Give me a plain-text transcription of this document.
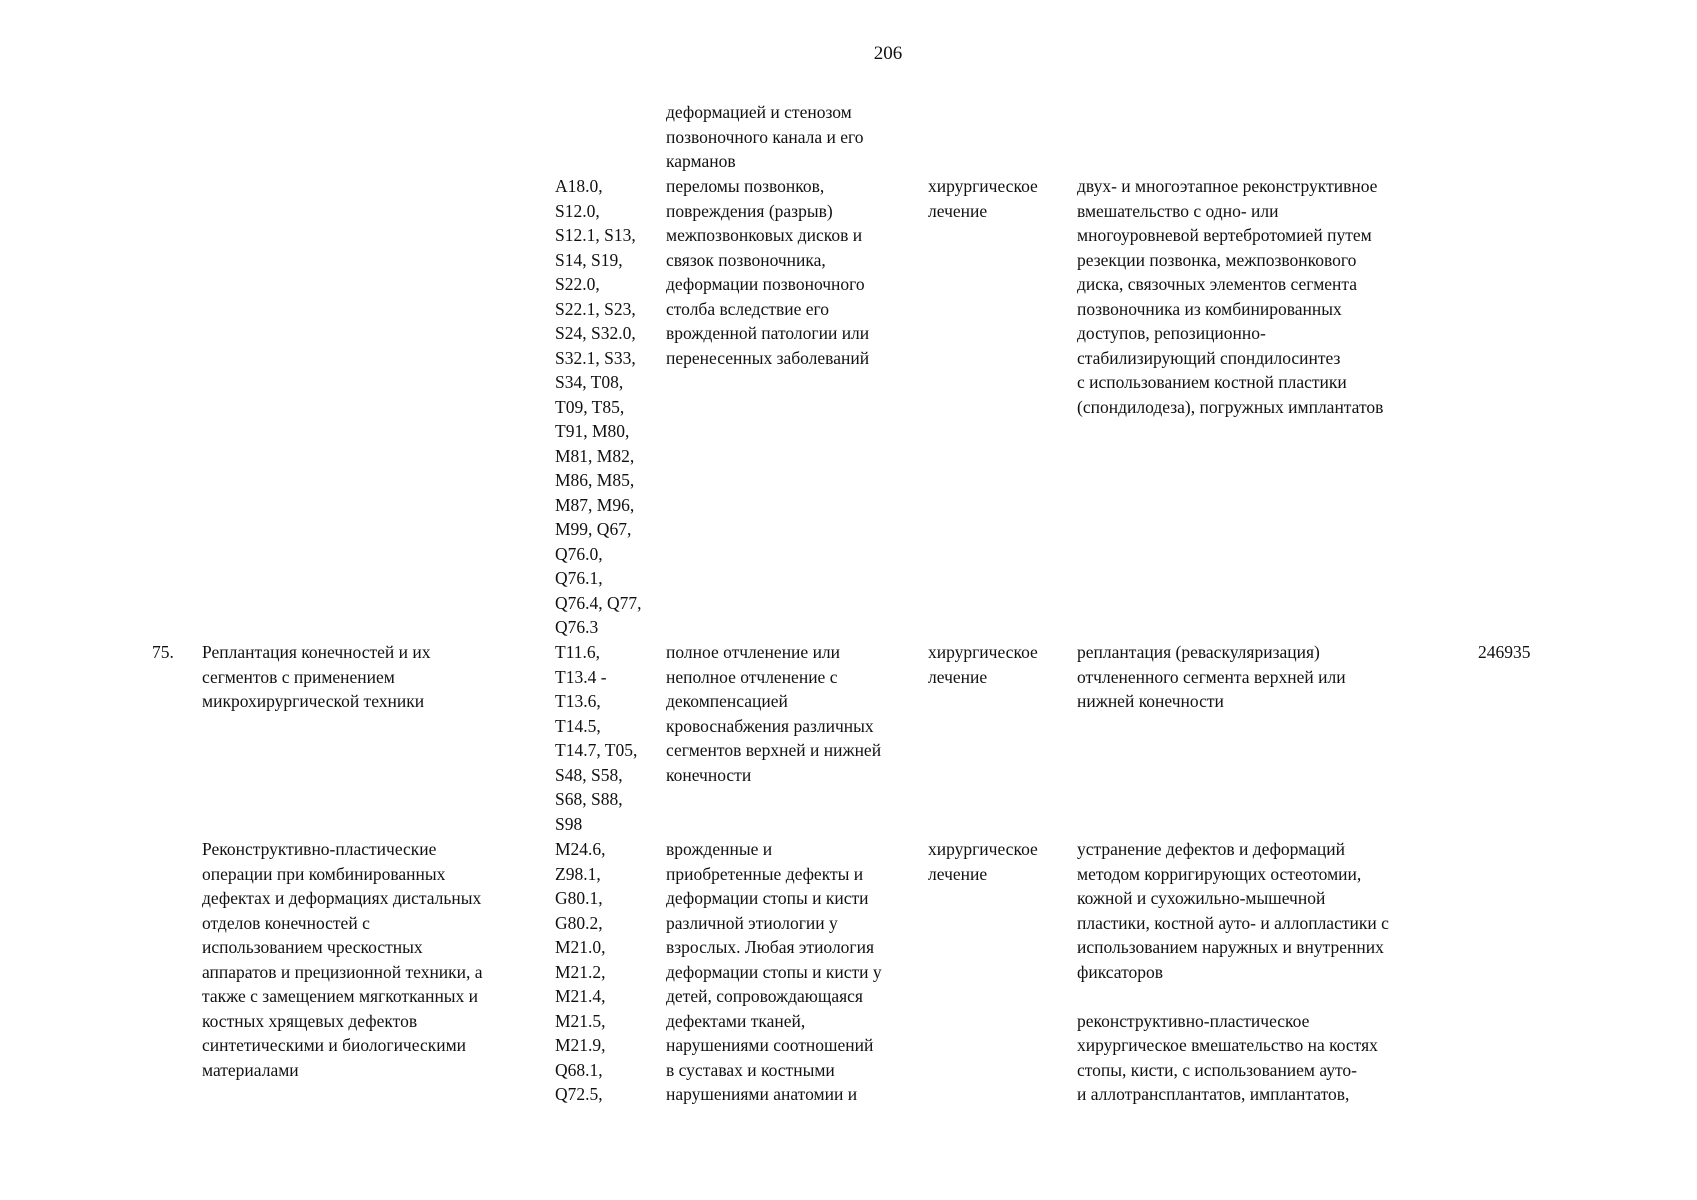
206
деформацией и стенозом
позвоночного канала и его
карманов
A18.0,
S12.0,
S12.1, S13,
S14, S19,
S22.0,
S22.1, S23,
S24, S32.0,
S32.1, S33,
S34, T08,
T09, T85,
T91, M80,
M81, M82,
M86, M85,
M87, M96,
M99, Q67,
Q76.0,
Q76.1,
Q76.4, Q77,
Q76.3
переломы позвонков,
повреждения (разрыв)
межпозвонковых дисков и
связок позвоночника,
деформации позвоночного
столба вследствие его
врожденной патологии или
перенесенных заболеваний
хирургическое
лечение
двух- и многоэтапное реконструктивное
вмешательство с одно- или
многоуровневой вертебротомией путем
резекции позвонка, межпозвонкового
диска, связочных элементов сегмента
позвоночника из комбинированных
доступов, репозиционно-
стабилизирующий спондилосинтез
с использованием костной пластики
(спондилодеза), погружных имплантатов
75.	Реплантация конечностей и их
сегментов с применением
микрохирургической техники
T11.6,
T13.4 -
T13.6,
T14.5,
T14.7, T05,
S48, S58,
S68, S88,
S98
полное отчленение или
неполное отчленение с
декомпенсацией
кровоснабжения различных
сегментов верхней и нижней
конечности
хирургическое
лечение
реплантация (реваскуляризация)
отчлененного сегмента верхней или
нижней конечности
246935
Реконструктивно-пластические
операции при комбинированных
дефектах и деформациях дистальных
отделов конечностей с
использованием чрескостных
аппаратов и прецизионной техники, а
также с замещением мягкотканных и
костных хрящевых дефектов
синтетическими и биологическими
материалами
M24.6,
Z98.1,
G80.1,
G80.2,
M21.0,
M21.2,
M21.4,
M21.5,
M21.9,
Q68.1,
Q72.5,
врожденные и
приобретенные дефекты и
деформации стопы и кисти
различной этиологии у
взрослых. Любая этиология
деформации стопы и кисти у
детей, сопровождающаяся
дефектами тканей,
нарушениями соотношений
в суставах и костными
нарушениями анатомии и
хирургическое
лечение
устранение дефектов и деформаций
методом корригирующих остеотомии,
кожной и сухожильно-мышечной
пластики, костной ауто- и аллопластики с
использованием наружных и внутренних
фиксаторов

реконструктивно-пластическое
хирургическое вмешательство на костях
стопы, кисти, с использованием ауто-
и аллотрансплантатов, имплантатов,
